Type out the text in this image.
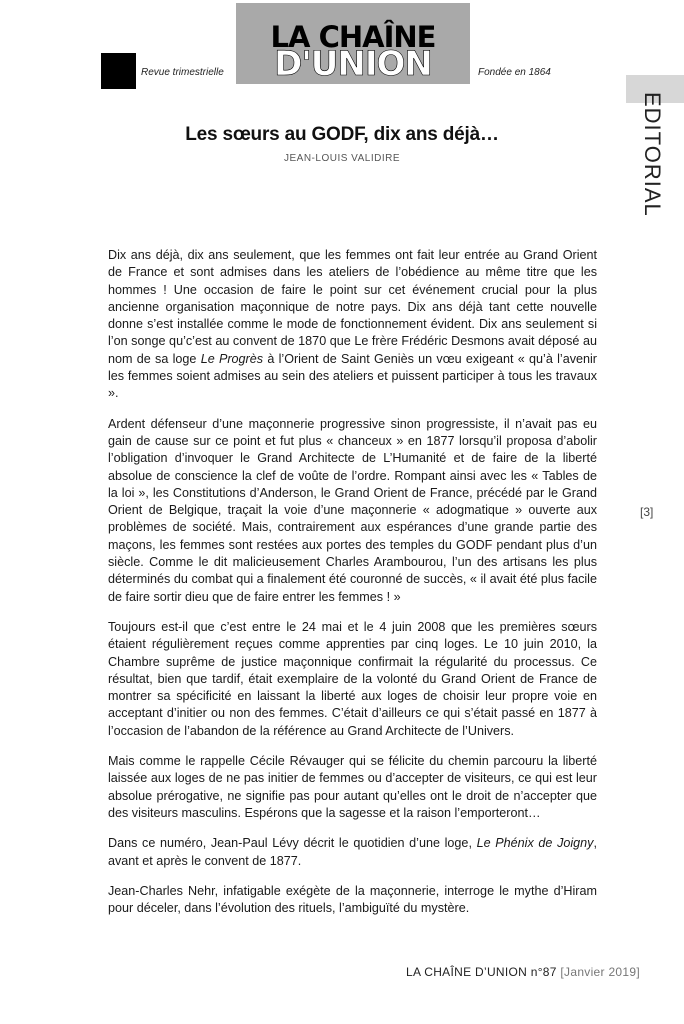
LA CHAÎNE
D'UNION
Revue trimestrielle	Fondée en 1864
EDITORIAL
[3]
Les sœurs au GODF, dix ans déjà…
JEAN-LOUIS VALIDIRE

Dix ans déjà, dix ans seulement, que les femmes ont fait leur entrée au Grand Orient de France et sont admises dans les ateliers de l’obédience au même titre que les hommes ! Une occasion de faire le point sur cet événement crucial pour la plus ancienne organisation maçonnique de notre pays. Dix ans déjà tant cette nouvelle donne s’est installée comme le mode de fonctionnement évident. Dix ans seulement si l’on songe qu’c’est au convent de 1870 que Le frère Frédéric Desmons avait déposé au nom de sa loge Le Progrès à l’Orient de Saint Geniès un vœu exigeant « qu’à l’avenir les femmes soient admises au sein des ateliers et puissent participer à tous les travaux ».

Ardent défenseur d’une maçonnerie progressive sinon progressiste, il n’avait pas eu gain de cause sur ce point et fut plus « chanceux » en 1877 lorsqu’il proposa d’abolir l’obligation d’invoquer le Grand Architecte de L’Humanité et de faire de la liberté absolue de conscience la clef de voûte de l’ordre. Rompant ainsi avec les « Tables de la loi », les Constitutions d’Anderson, le Grand Orient de France, précédé par le Grand Orient de Belgique, traçait la voie d’une maçonnerie « adogmatique » ouverte aux problèmes de société. Mais, contrairement aux espérances d’une grande partie des maçons, les femmes sont restées aux portes des temples du GODF pendant plus d’un siècle. Comme le dit malicieusement Charles Arambourou, l’un des artisans les plus déterminés du combat qui a finalement été couronné de succès, « il avait été plus facile de faire sortir dieu que de faire entrer les femmes ! »

Toujours est-il que c’est entre le 24 mai et le 4 juin 2008 que les premières sœurs étaient régulièrement reçues comme apprenties par cinq loges. Le 10 juin 2010, la Chambre suprême de justice maçonnique confirmait la régularité du processus. Ce résultat, bien que tardif, était exemplaire de la volonté du Grand Orient de France de montrer sa spécificité en laissant la liberté aux loges de choisir leur propre voie en acceptant d’initier ou non des femmes. C’était d’ailleurs ce qui s’était passé en 1877 à l’occasion de l’abandon de la référence au Grand Architecte de l’Univers.

Mais comme le rappelle Cécile Révauger qui se félicite du chemin parcouru la liberté laissée aux loges de ne pas initier de femmes ou d’accepter de visiteurs, ce qui est leur absolue prérogative, ne signifie pas pour autant qu’elles ont le droit de n’accepter que des visiteurs masculins. Espérons que la sagesse et la raison l’emporteront…

Dans ce numéro, Jean-Paul Lévy décrit le quotidien d’une loge, Le Phénix de Joigny, avant et après le convent de 1877.

Jean-Charles Nehr, infatigable exégète de la maçonnerie, interroge le mythe d’Hiram pour déceler, dans l’évolution des rituels, l’ambiguïté du mystère.

LA CHAÎNE D’UNION n°87 [Janvier 2019]
